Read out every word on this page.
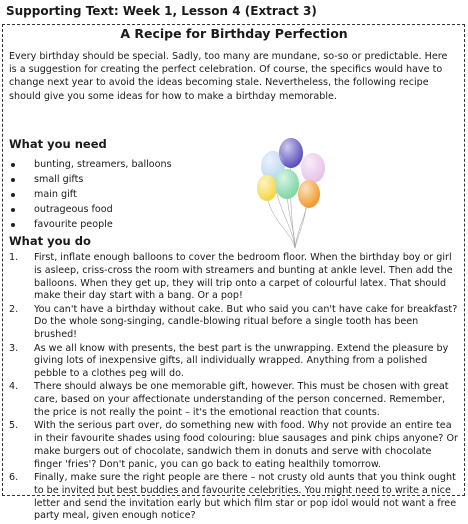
Supporting Text: Week 1, Lesson 4 (Extract 3)
A Recipe for Birthday Perfection
Every birthday should be special. Sadly, too many are mundane, so-so or predictable. Here is a suggestion for creating the perfect celebration. Of course, the specifics would have to change next year to avoid the ideas becoming stale. Nevertheless, the following recipe should give you some ideas for how to make a birthday memorable.
What you need
bunting, streamers, balloons
small gifts
main gift
outrageous food
favourite people
What you do
1. First, inflate enough balloons to cover the bedroom floor. When the birthday boy or girl is asleep, criss-cross the room with streamers and bunting at ankle level. Then add the balloons. When they get up, they will trip onto a carpet of colourful latex. That should make their day start with a bang. Or a pop!
2. You can't have a birthday without cake. But who said you can't have cake for breakfast? Do the whole song-singing, candle-blowing ritual before a single tooth has been brushed!
3. As we all know with presents, the best part is the unwrapping. Extend the pleasure by giving lots of inexpensive gifts, all individually wrapped. Anything from a polished pebble to a clothes peg will do.
4. There should always be one memorable gift, however. This must be chosen with great care, based on your affectionate understanding of the person concerned. Remember, the price is not really the point – it's the emotional reaction that counts.
5. With the serious part over, do something new with food. Why not provide an entire tea in their favourite shades using food colouring: blue sausages and pink chips anyone? Or make burgers out of chocolate, sandwich them in donuts and serve with chocolate finger 'fries'? Don't panic, you can go back to eating healthily tomorrow.
6. Finally, make sure the right people are there – not crusty old aunts that you think ought to be invited but best buddies and favourite celebrities. You might need to write a nice letter and send the invitation early but which film star or pop idol would not want a free party meal, given enough notice?
